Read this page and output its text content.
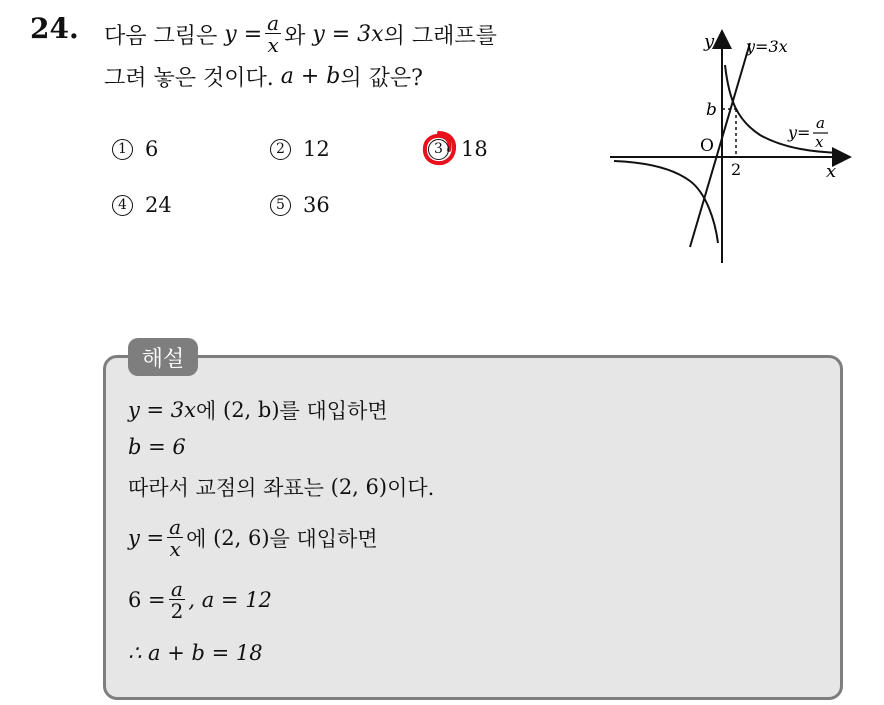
24. 다음 그림은
$y = \frac{a}{x}$ 와
y = 3x 의 그래프를
그려 놓은 것이다.
a + b 의 값은?
1 6	2 12	3 18
4 24	5 36
y
x
O
b
2
y=3x
y= a
x
해설
y = 3x 에
(2, b) 를 대입하면
b = 6
따라서 교점의 좌표는
(2, 6) 이다.
$y = \frac{a}{x}$ 에
(2, 6) 을 대입하면
$6 = \frac{a}{2}$ , a = 12
∴ a + b = 18
